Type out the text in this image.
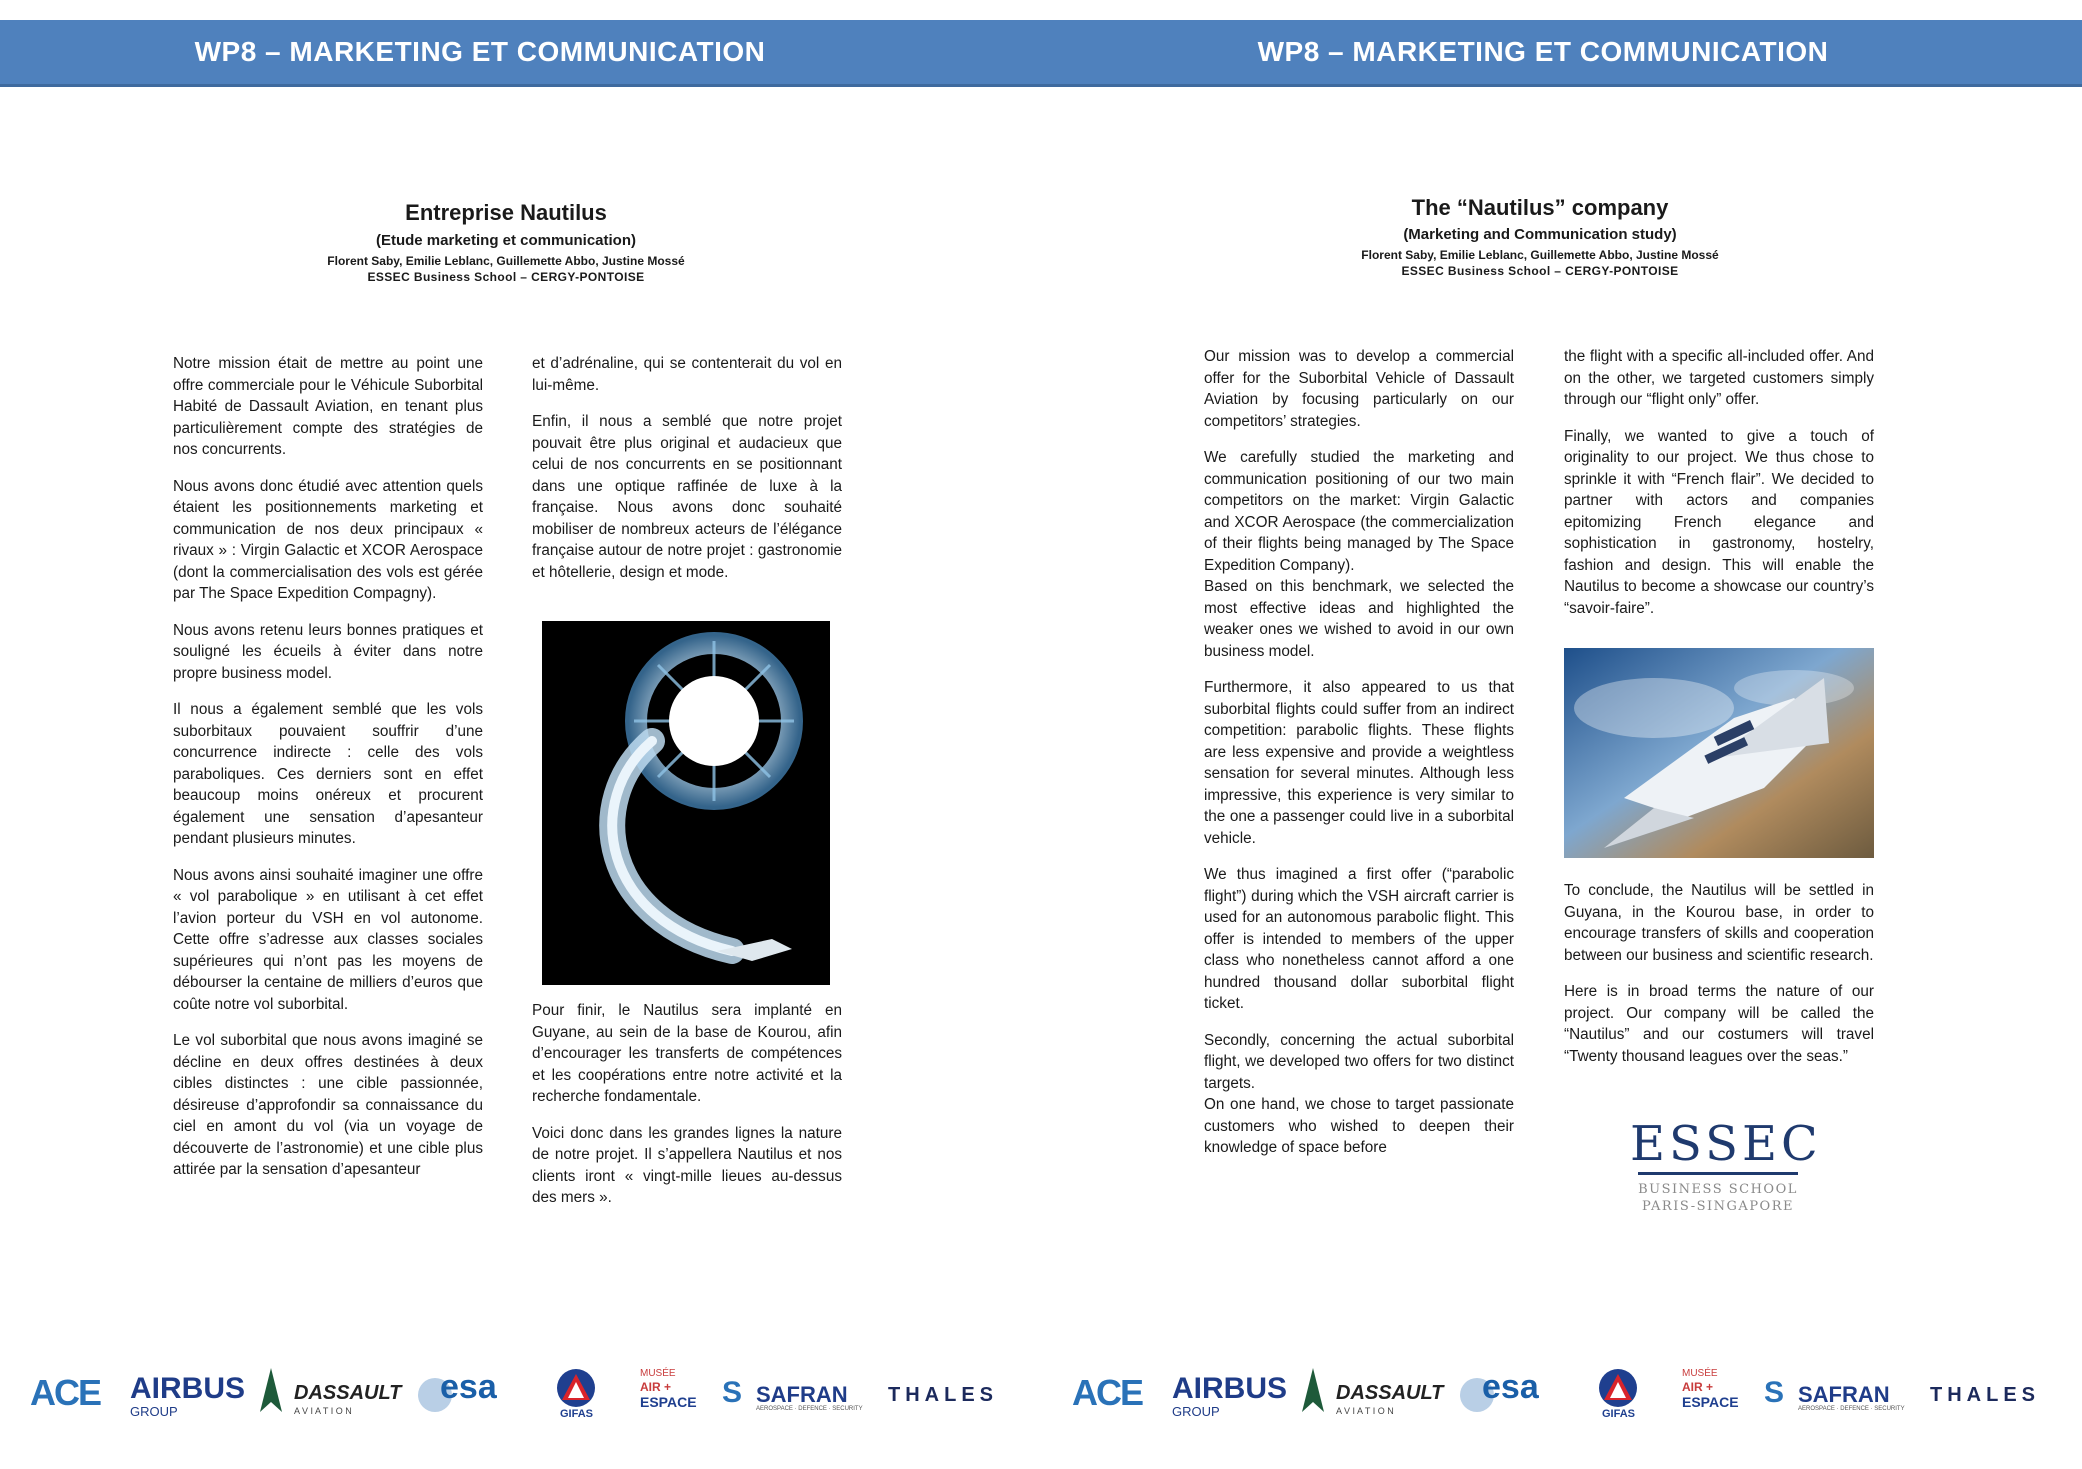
WP8 – MARKETING ET COMMUNICATION	WP8 – MARKETING ET COMMUNICATION
Entreprise Nautilus
(Etude marketing et communication)
Florent Saby, Emilie Leblanc, Guillemette Abbo, Justine Mossé
ESSEC Business School – CERGY-PONTOISE

Notre mission était de mettre au point une offre commerciale pour le Véhicule Suborbital Habité de Dassault Aviation, en tenant plus particulièrement compte des stratégies de nos concurrents.

Nous avons donc étudié avec attention quels étaient les positionnements marketing et communication de nos deux principaux « rivaux » : Virgin Galactic et XCOR Aerospace (dont la commercialisation des vols est gérée par The Space Expedition Compagny).

Nous avons retenu leurs bonnes pratiques et souligné les écueils à éviter dans notre propre business model.

Il nous a également semblé que les vols suborbitaux pouvaient souffrir d’une concurrence indirecte : celle des vols paraboliques. Ces derniers sont en effet beaucoup moins onéreux et procurent également une sensation d’apesanteur pendant plusieurs minutes.

Nous avons ainsi souhaité imaginer une offre « vol parabolique » en utilisant à cet effet l’avion porteur du VSH en vol autonome. Cette offre s’adresse aux classes sociales supérieures qui n’ont pas les moyens de débourser la centaine de milliers d’euros que coûte notre vol suborbital.

Le vol suborbital que nous avons imaginé se décline en deux offres destinées à deux cibles distinctes : une cible passionnée, désireuse d’approfondir sa connaissance du ciel en amont du vol (via un voyage de découverte de l’astronomie) et une cible plus attirée par la sensation d’apesanteur

et d’adrénaline, qui se contenterait du vol en lui-même.

Enfin, il nous a semblé que notre projet pouvait être plus original et audacieux que celui de nos concurrents en se positionnant dans une optique raffinée de luxe à la française. Nous avons donc souhaité mobiliser de nombreux acteurs de l’élégance française autour de notre projet : gastronomie et hôtellerie, design et mode.

Nautilus

Pour finir, le Nautilus sera implanté en Guyane, au sein de la base de Kourou, afin d’encourager les transferts de compétences et les coopérations entre notre activité et la recherche fondamentale.

Voici donc dans les grandes lignes la nature de notre projet. Il s’appellera Nautilus et nos clients iront « vingt-mille lieues au-dessus des mers ».

The “Nautilus” company
(Marketing and Communication study)
Florent Saby, Emilie Leblanc, Guillemette Abbo, Justine Mossé
ESSEC Business School – CERGY-PONTOISE

Our mission was to develop a commercial offer for the Suborbital Vehicle of Dassault Aviation by focusing particularly on our competitors’ strategies.

We carefully studied the marketing and communication positioning of our two main competitors on the market: Virgin Galactic and XCOR Aerospace (the commercialization of their flights being managed by The Space Expedition Company).

Based on this benchmark, we selected the most effective ideas and highlighted the weaker ones we wished to avoid in our own business model.

Furthermore, it also appeared to us that suborbital flights could suffer from an indirect competition: parabolic flights. These flights are less expensive and provide a weightless sensation for several minutes. Although less impressive, this experience is very similar to the one a passenger could live in a suborbital vehicle.

We thus imagined a first offer (“parabolic flight”) during which the VSH aircraft carrier is used for an autonomous parabolic flight. This offer is intended to members of the upper class who nonetheless cannot afford a one hundred thousand dollar suborbital flight ticket.

Secondly, concerning the actual suborbital flight, we developed two offers for two distinct targets.

On one hand, we chose to target passionate customers who wished to deepen their knowledge of space before

the flight with a specific all-included offer. And on the other, we targeted customers simply through our “flight only” offer.

Finally, we wanted to give a touch of originality to our project. We thus chose to sprinkle it with “French flair”. We decided to partner with actors and companies epitomizing French elegance and sophistication in gastronomy, hostelry, fashion and design. This will enable the Nautilus to become a showcase our country’s “savoir-faire”.

To conclude, the Nautilus will be settled in Guyana, in the Kourou base, in order to encourage transfers of skills and cooperation between our business and scientific research.

Here is in broad terms the nature of our project. Our company will be called the “Nautilus” and our costumers will travel “Twenty thousand leagues over the seas.”

ESSEC
BUSINESS SCHOOL
PARIS-SINGAPORE
ACE AIRBUS
GROUP
DASSAULT
A V I A T I O N
esa
GIFAS
MUSÉE
AIR +
ESPACE S SAFRAN
AEROSPACE · DEFENCE · SECURITY
THALES ACE AIRBUS
GROUP
DASSAULT
A V I A T I O N
esa
GIFAS
MUSÉE
AIR +
ESPACE S SAFRAN
AEROSPACE · DEFENCE · SECURITY
THALES
